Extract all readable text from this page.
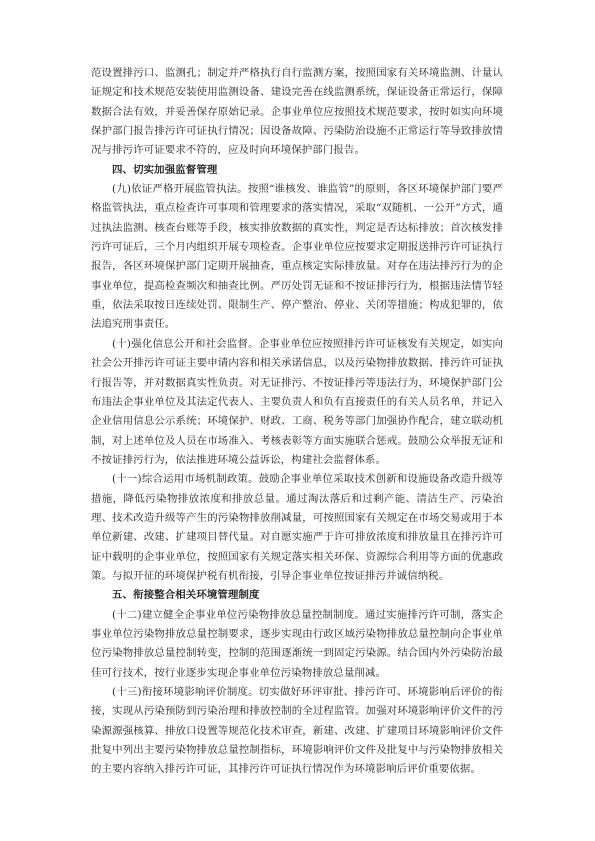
范设置排污口、监测孔；制定并严格执行自行监测方案，按照国家有关环境监测、计量认证规定和技术规范安装使用监测设备、建设完善在线监测系统，保证设备正常运行，保障数据合法有效，并妥善保存原始记录。企事业单位应按照技术规范要求，按时如实向环境保护部门报告排污许可证执行情况；因设备故障、污染防治设施不正常运行等导致排放情况与排污许可证要求不符的，应及时向环境保护部门报告。

四、切实加强监督管理

(九)依证严格开展监管执法。按照“谁核发、谁监管”的原则，各区环境保护部门要严格监管执法，重点检查许可事项和管理要求的落实情况，采取“双随机、一公开”方式，通过执法监测、核查台账等手段，核实排放数据的真实性，判定是否达标排放；首次核发排污许可证后，三个月内组织开展专项检查。企事业单位应按要求定期报送排污许可证执行报告，各区环境保护部门定期开展抽查，重点核定实际排放量。对存在违法排污行为的企事业单位，提高检查频次和抽查比例。严厉处罚无证和不按证排污行为，根据违法情节轻重，依法采取按日连续处罚、限制生产、停产整治、停业、关闭等措施；构成犯罪的，依法追究刑事责任。

(十)强化信息公开和社会监督。企事业单位应按照排污许可证核发有关规定，如实向社会公开排污许可证主要申请内容和相关承诺信息，以及污染物排放数据、排污许可证执行报告等，并对数据真实性负责。对无证排污、不按证排污等违法行为，环境保护部门公布违法企事业单位及其法定代表人、主要负责人和负有直接责任的有关人员名单，并记入企业信用信息公示系统；环境保护、财政、工商、税务等部门加强协作配合，建立联动机制，对上述单位及人员在市场准入、考核表彰等方面实施联合惩戒。鼓励公众举报无证和不按证排污行为，依法推进环境公益诉讼，构建社会监督体系。

(十一)综合运用市场机制政策。鼓励企事业单位采取技术创新和设施设备改造升级等措施，降低污染物排放浓度和排放总量。通过淘汰落后和过剩产能、清洁生产、污染治理、技术改造升级等产生的污染物排放削减量，可按照国家有关规定在市场交易或用于本单位新建、改建、扩建项目替代量。对自愿实施严于许可排放浓度和排放量且在排污许可证中载明的企事业单位，按照国家有关规定落实相关环保、资源综合利用等方面的优惠政策。与拟开征的环境保护税有机衔接，引导企事业单位按证排污并诚信纳税。

五、衔接整合相关环境管理制度

(十二)建立健全企事业单位污染物排放总量控制制度。通过实施排污许可制，落实企事业单位污染物排放总量控制要求，逐步实现由行政区域污染物排放总量控制向企事业单位污染物排放总量控制转变，控制的范围逐渐统一到固定污染源。结合国内外污染防治最佳可行技术，按行业逐步实现企事业单位污染物排放总量削减。

(十三)衔接环境影响评价制度。切实做好环评审批、排污许可、环境影响后评价的衔接，实现从污染预防到污染治理和排放控制的全过程监管。加强对环境影响评价文件的污染源源强核算、排放口设置等规范化技术审查，新建、改建、扩建项目环境影响评价文件批复中列出主要污染物排放总量控制指标，环境影响评价文件及批复中与污染物排放相关的主要内容纳入排污许可证，其排污许可证执行情况作为环境影响后评价重要依据。
